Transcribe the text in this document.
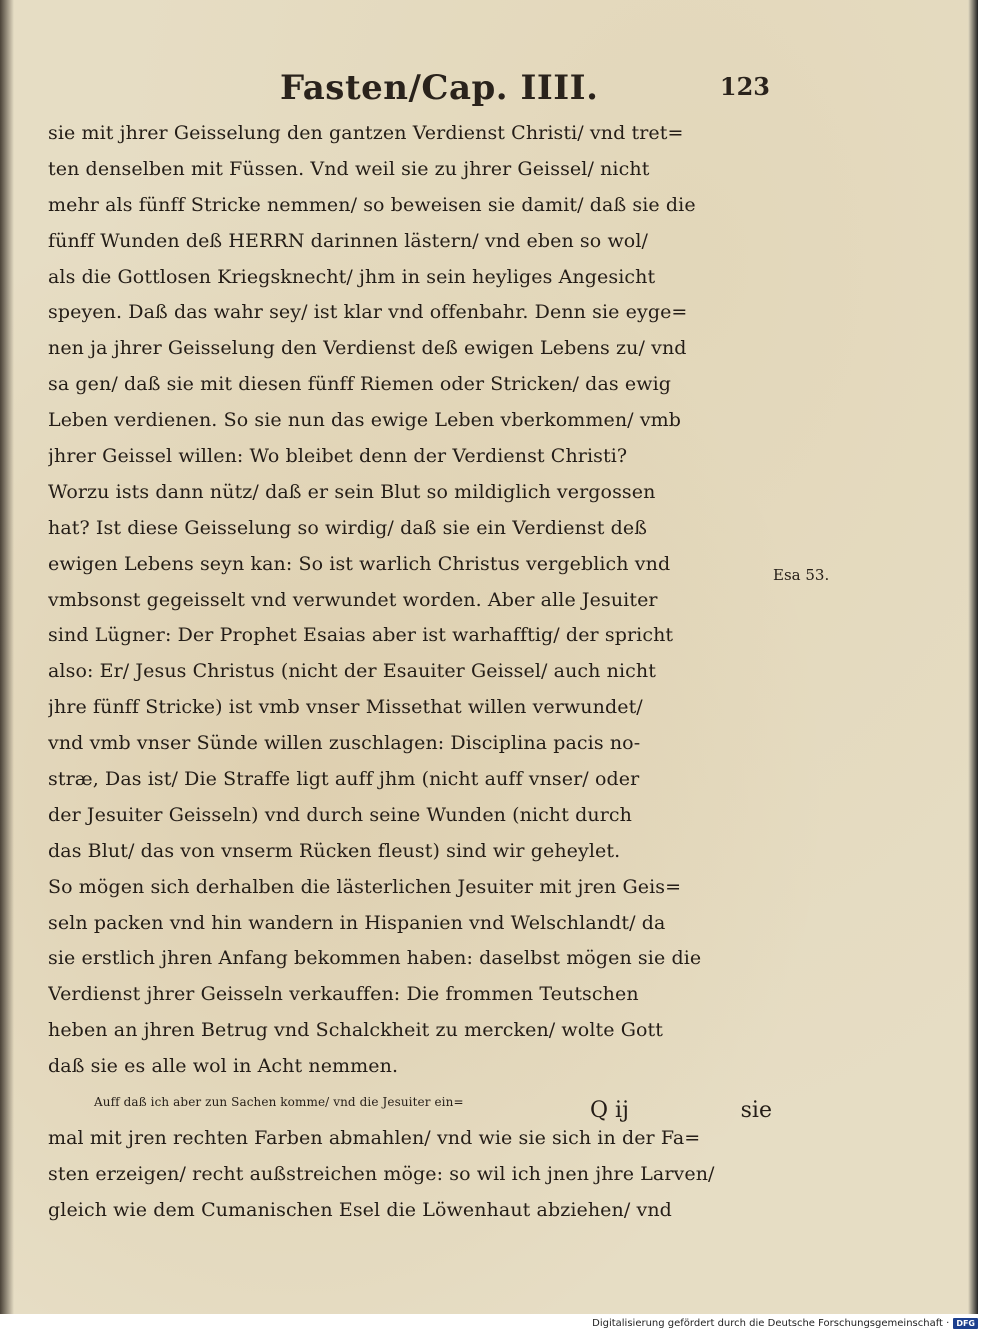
Fasten/Cap. IIII.	123
sie mit jhrer Geisselung den gantzen Verdienst Christi/ vnd tret=
ten denselben mit Füssen. Vnd weil sie zu jhrer Geissel/ nicht
mehr als fünff Stricke nemmen/ so beweisen sie damit/ daß sie die
fünff Wunden deß HERRN darinnen lästern/ vnd eben so wol/
als die Gottlosen Kriegsknecht/ jhm in sein heyliges Angesicht
speyen. Daß das wahr sey/ ist klar vnd offenbahr. Denn sie eyge=
nen ja jhrer Geisselung den Verdienst deß ewigen Lebens zu/ vnd
sa gen/ daß sie mit diesen fünff Riemen oder Stricken/ das ewig
Leben verdienen. So sie nun das ewige Leben vberkommen/ vmb
jhrer Geissel willen: Wo bleibet denn der Verdienst Christi?
Worzu ists dann nütz/ daß er sein Blut so mildiglich vergossen
hat? Ist diese Geisselung so wirdig/ daß sie ein Verdienst deß
ewigen Lebens seyn kan: So ist warlich Christus vergeblich vnd
vmbsonst gegeisselt vnd verwundet worden. Aber alle Jesuiter
sind Lügner: Der Prophet Esaias aber ist warhafftig/ der spricht
also: Er/ Jesus Christus (nicht der Esauiter Geissel/ auch nicht
jhre fünff Stricke) ist vmb vnser Missethat willen verwundet/
vnd vmb vnser Sünde willen zuschlagen: Disciplina pacis no-
stræ, Das ist/ Die Straffe ligt auff jhm (nicht auff vnser/ oder
der Jesuiter Geisseln) vnd durch seine Wunden (nicht durch
das Blut/ das von vnserm Rücken fleust) sind wir geheylet.
So mögen sich derhalben die lästerlichen Jesuiter mit jren Geis=
seln packen vnd hin wandern in Hispanien vnd Welschlandt/ da
sie erstlich jhren Anfang bekommen haben: daselbst mögen sie die
Verdienst jhrer Geisseln verkauffen: Die frommen Teutschen
heben an jhren Betrug vnd Schalckheit zu mercken/ wolte Gott
daß sie es alle wol in Acht nemmen.
Auff daß ich aber zun Sachen komme/ vnd die Jesuiter ein=
mal mit jren rechten Farben abmahlen/ vnd wie sie sich in der Fa=
sten erzeigen/ recht außstreichen möge: so wil ich jnen jhre Larven/
gleich wie dem Cumanischen Esel die Löwenhaut abziehen/ vnd
Esa 53.
Q ij	sie
Digitalisierung gefördert durch die Deutsche Forschungsgemeinschaft · DFG
